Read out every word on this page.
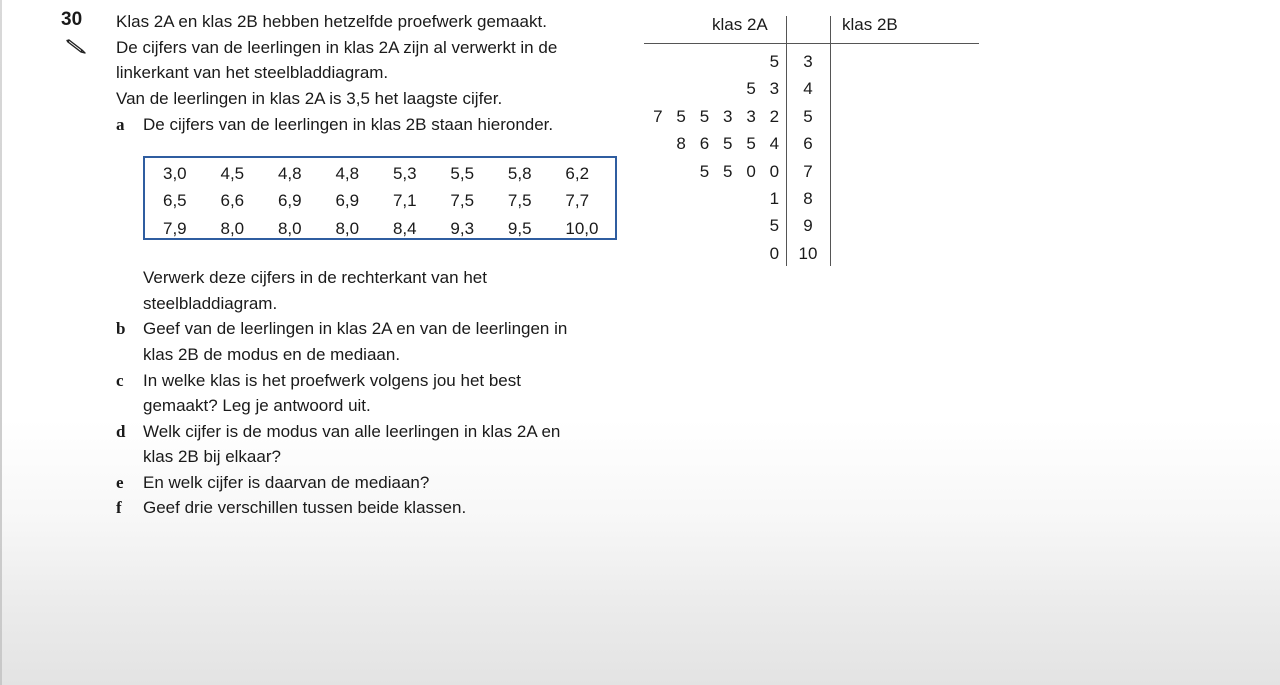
30 Klas 2A en klas 2B hebben hetzelfde proefwerk gemaakt.
De cijfers van de leerlingen in klas 2A zijn al verwerkt in de
linkerkant van het steelbladdiagram.
Van de leerlingen in klas 2A is 3,5 het laagste cijfer.
a De cijfers van de leerlingen in klas 2B staan hieronder.
3,0	4,5	4,8	4,8	5,3	5,5	5,8	6,2
6,5	6,6	6,9	6,9	7,1	7,5	7,5	7,7
7,9	8,0	8,0	8,0	8,4	9,3	9,5	10,0
Verwerk deze cijfers in de rechterkant van het
steelbladdiagram.
b Geef van de leerlingen in klas 2A en van de leerlingen in
klas 2B de modus en de mediaan.
c In welke klas is het proefwerk volgens jou het best
gemaakt? Leg je antwoord uit.
d Welk cijfer is de modus van alle leerlingen in klas 2A en
klas 2B bij elkaar?
e En welk cijfer is daarvan de mediaan?
f Geef drie verschillen tussen beide klassen.
klas 2A	klas 2B
5	3
5 3	4
7 5 5 3 3 2	5
8 6 5 5 4	6
5 5 0 0	7
1	8
5	9
0	10
